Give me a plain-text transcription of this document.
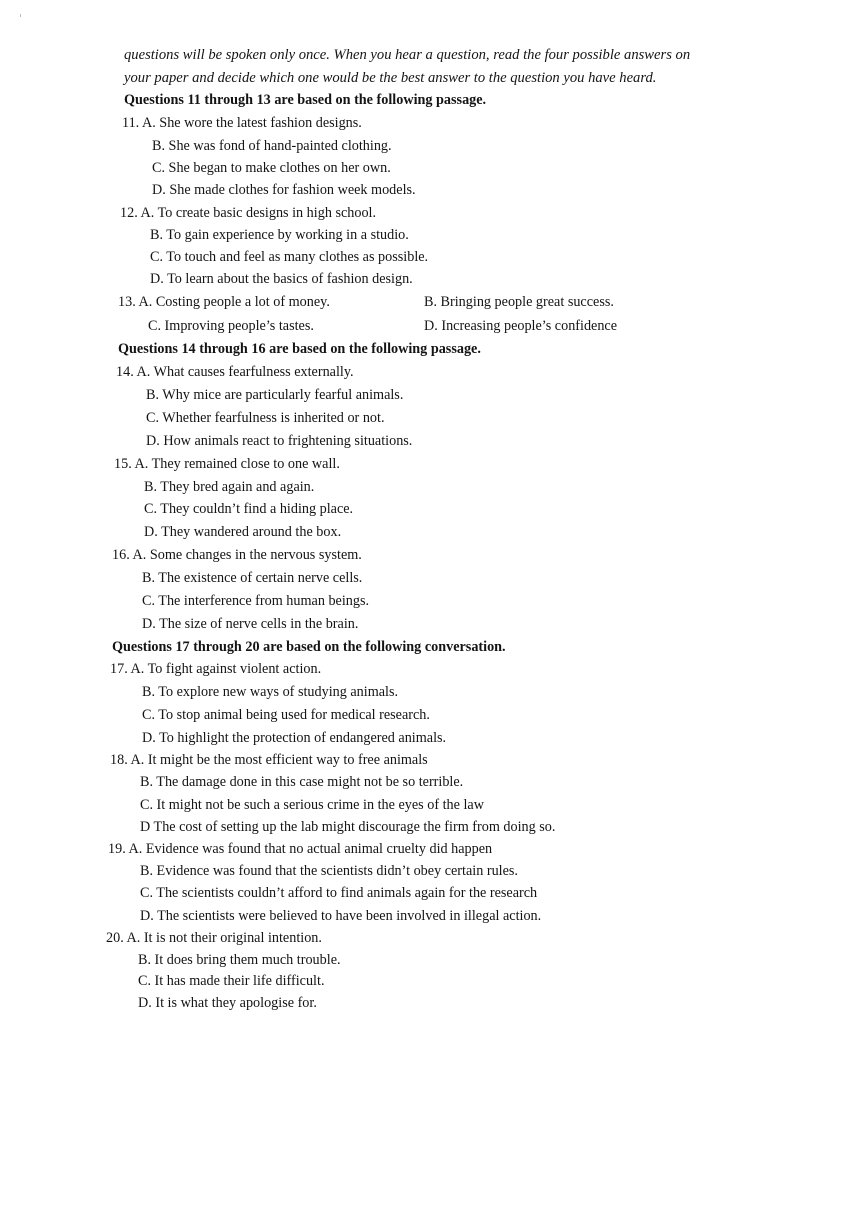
questions will be spoken only once. When you hear a question, read the four possible answers on
your paper and decide which one would be the best answer to the question you have heard.
Questions 11 through 13 are based on the following passage.
11. A. She wore the latest fashion designs.
B. She was fond of hand-painted clothing.
C. She began to make clothes on her own.
D. She made clothes for fashion week models.
12. A. To create basic designs in high school.
B. To gain experience by working in a studio.
C. To touch and feel as many clothes as possible.
D. To learn about the basics of fashion design.
13. A. Costing people a lot of money.	B. Bringing people great success.
C. Improving people’s tastes.	D. Increasing people’s confidence
Questions 14 through 16 are based on the following passage.
14. A. What causes fearfulness externally.
B. Why mice are particularly fearful animals.
C. Whether fearfulness is inherited or not.
D. How animals react to frightening situations.
15. A. They remained close to one wall.
B. They bred again and again.
C. They couldn’t find a hiding place.
D. They wandered around the box.
16. A. Some changes in the nervous system.
B. The existence of certain nerve cells.
C. The interference from human beings.
D. The size of nerve cells in the brain.
Questions 17 through 20 are based on the following conversation.
17. A. To fight against violent action.
B. To explore new ways of studying animals.
C. To stop animal being used for medical research.
D. To highlight the protection of endangered animals.
18. A. It might be the most efficient way to free animals
B. The damage done in this case might not be so terrible.
C. It might not be such a serious crime in the eyes of the law
D The cost of setting up the lab might discourage the firm from doing so.
19. A. Evidence was found that no actual animal cruelty did happen
B. Evidence was found that the scientists didn’t obey certain rules.
C. The scientists couldn’t afford to find animals again for the research
D. The scientists were believed to have been involved in illegal action.
20. A. It is not their original intention.
B. It does bring them much trouble.
C. It has made their life difficult.
D. It is what they apologise for.
